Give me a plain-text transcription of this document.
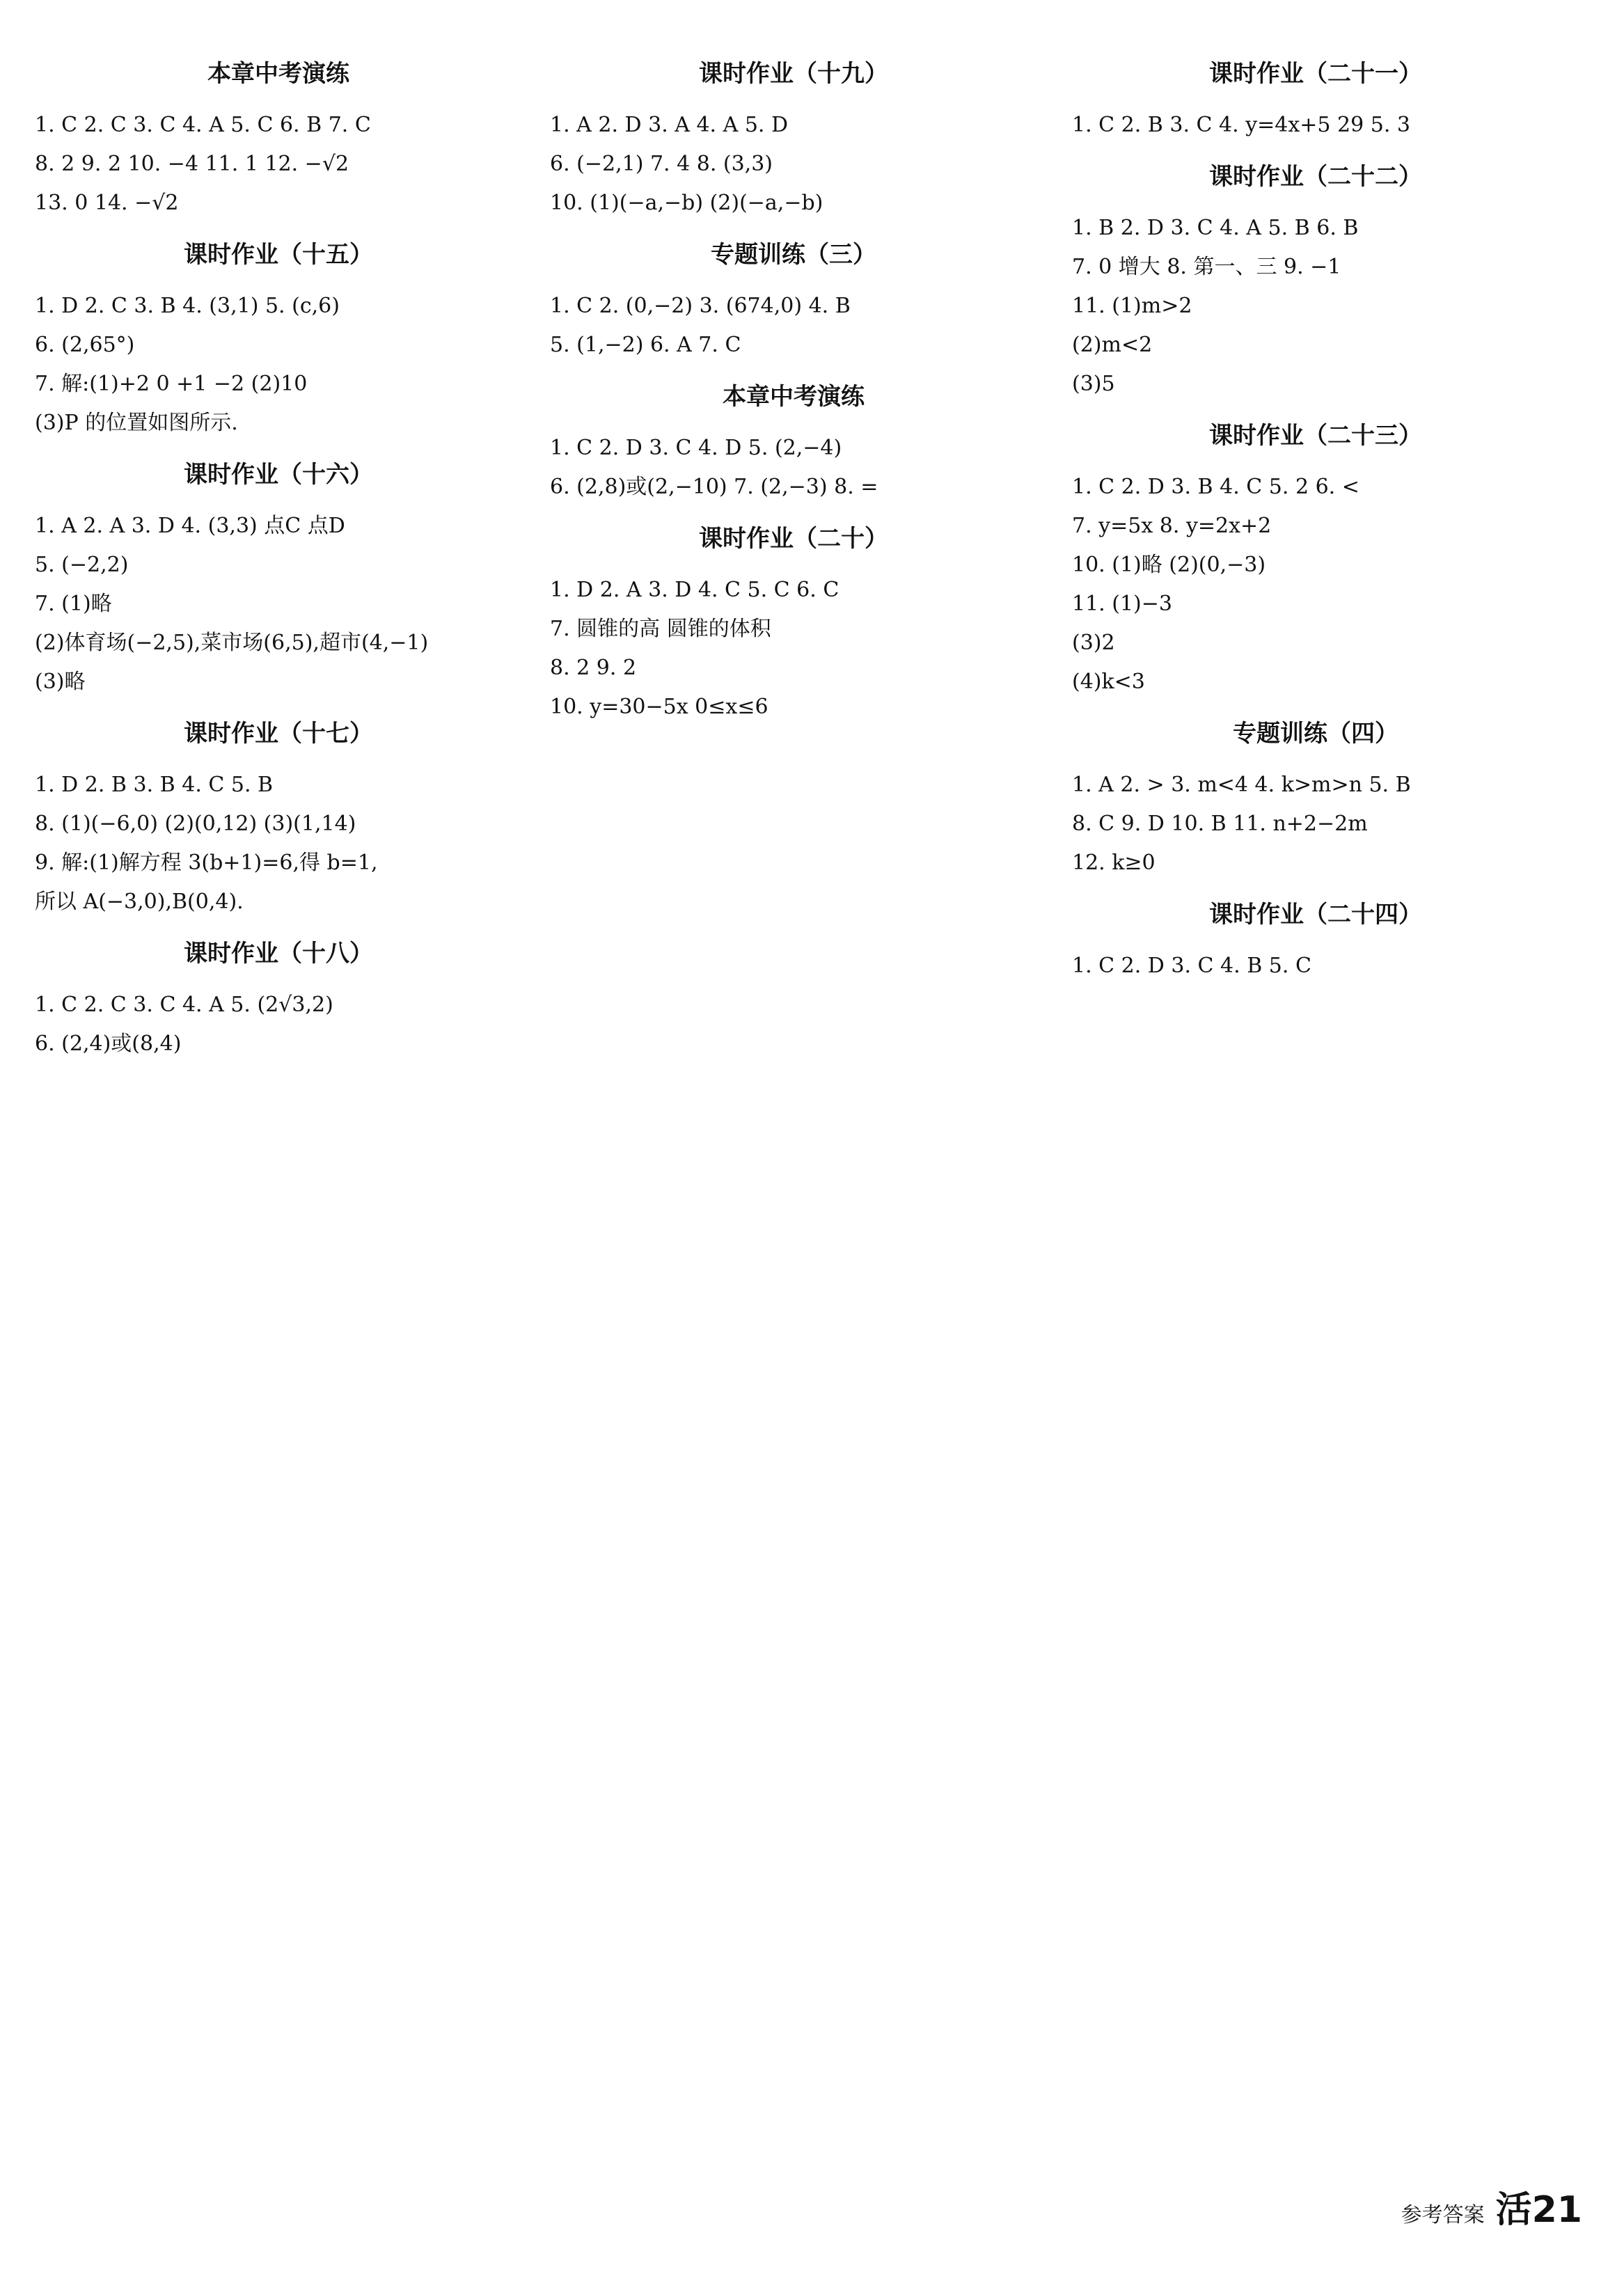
本章中考演练
1. C 2. C 3. C 4. A 5. C 6. B 7. C
8. 2 9. 2 10. −4 11. 1 12. −√2
13. 0 14. −√2
课时作业（十五）
1. D 2. C 3. B 4. (3,1) 5. (c,6)
6. (2,65°)
7. 解:(1)+2 0 +1 −2 (2)10
(3)P 的位置如图所示.
课时作业（十六）
1. A 2. A 3. D 4. (3,3) 点C 点D
5. (−2,2)
7. (1)略
(2)体育场(−2,5),菜市场(6,5),超市(4,−1)
(3)略
课时作业（十七）
1. D 2. B 3. B 4. C 5. B
8. (1)(−6,0) (2)(0,12) (3)(1,14)
9. 解:(1)解方程 3(b+1)=6,得 b=1,
所以 A(−3,0),B(0,4).
课时作业（十八）
1. C 2. C 3. C 4. A 5. (2√3,2)
6. (2,4)或(8,4)
课时作业（十九）
1. A 2. D 3. A 4. A 5. D
6. (−2,1) 7. 4 8. (3,3)
10. (1)(−a,−b) (2)(−a,−b)
专题训练（三）
1. C 2. (0,−2) 3. (674,0) 4. B
5. (1,−2) 6. A 7. C
本章中考演练
1. C 2. D 3. C 4. D 5. (2,−4)
6. (2,8)或(2,−10) 7. (2,−3) 8. =
课时作业（二十）
1. D 2. A 3. D 4. C 5. C 6. C
7. 圆锥的高 圆锥的体积
8. 2 9. 2
10. y=30−5x 0≤x≤6
课时作业（二十一）
1. C 2. B 3. C 4. y=4x+5 29 5. 3
课时作业（二十二）
1. B 2. D 3. C 4. A 5. B 6. B
7. 0 增大 8. 第一、三 9. −1
11. (1)m>2
(2)m<2
(3)5
课时作业（二十三）
1. C 2. D 3. B 4. C 5. 2 6. <
7. y=5x 8. y=2x+2
10. (1)略 (2)(0,−3)
11. (1)−3
(3)2
(4)k<3
专题训练（四）
1. A 2. > 3. m<4 4. k>m>n 5. B
8. C 9. D 10. B 11. n+2−2m
12. k≥0
课时作业（二十四）
1. C 2. D 3. C 4. B 5. C
参考答案 活21
